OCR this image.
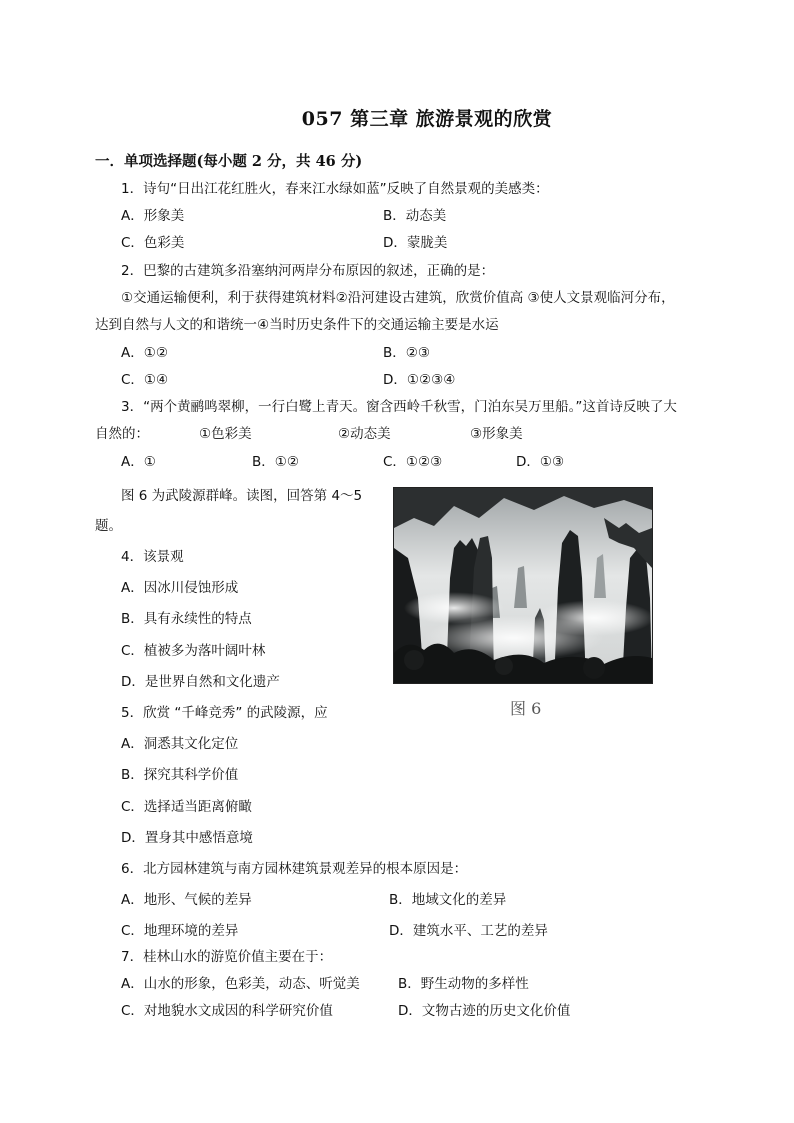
057 第三章 旅游景观的欣赏
一．单项选择题(每小题 2 分，共 46 分)
1．诗句“日出江花红胜火，春来江水绿如蓝”反映了自然景观的美感类：
A．形象美	B．动态美
C．色彩美	D．蒙胧美
2．巴黎的古建筑多沿塞纳河两岸分布原因的叙述，正确的是：
①交通运输便利，利于获得建筑材料②沿河建设古建筑，欣赏价值高 ③使人文景观临河分布，
达到自然与人文的和谐统一④当时历史条件下的交通运输主要是水运
A．①②	B．②③
C．①④	D．①②③④
3．“两个黄鹂鸣翠柳，一行白鹭上青天。窗含西岭千秋雪，门泊东吴万里船。”这首诗反映了大
自然的：	①色彩美	②动态美	③形象美
A．①	B．①②	C．①②③	D．①③
图 6 为武陵源群峰。读图，回答第 4～5
题。
图 6
4．该景观
A．因冰川侵蚀形成
B．具有永续性的特点
C．植被多为落叶阔叶林
D．是世界自然和文化遗产
5．欣赏 “千峰竞秀” 的武陵源，应
A．洞悉其文化定位
B．探究其科学价值
C．选择适当距离俯瞰
D．置身其中感悟意境
6．北方园林建筑与南方园林建筑景观差异的根本原因是：
A．地形、气候的差异	B．地域文化的差异
C．地理环境的差异	D．建筑水平、工艺的差异
7．桂林山水的游览价值主要在于：
A．山水的形象，色彩美，动态、听觉美	B．野生动物的多样性
C．对地貌水文成因的科学研究价值	D．文物古迹的历史文化价值
